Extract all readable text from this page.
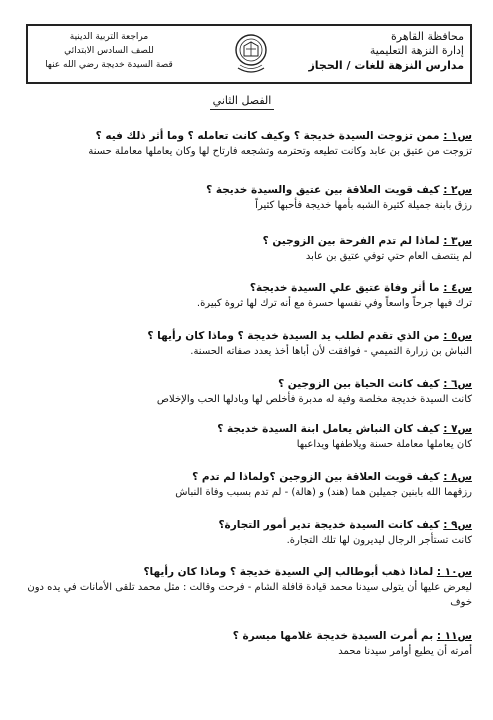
محافظة القاهرة
إدارة النزهة التعليمية
مدارس النزهة للغات / الحجاز
مراجعة التربية الدينية
للصف السادس الابتدائي
قصة السيدة خديجة رضي الله عنها
الفصل الثاني
س١ : ممن تزوجت السيدة خديجة ؟ وكيف كانت تعامله ؟ وما أثر ذلك فيه ؟
تزوجت من عتيق بن عابد وكانت تطيعه وتحترمه وتشجعه فارتاح لها وكان يعاملها معاملة حسنة
س٢ : كيف قويت العلاقة بين عتيق والسيدة خديجة ؟
رزق بابنة جميلة كثيرة الشبه بأمها خديجة فأحبها كثيراً
س٣ : لماذا لم تدم الفرحة بين الزوجين ؟
لم ينتصف العام حتي توفي عتيق بن عابد
س٤ : ما أثر وفاة عتيق علي السيدة خديجة؟
ترك فيها جرحاً واسعاً وفي نفسها حسرة مع أنه ترك لها ثروة كبيرة.
س٥ : من الذي تقدم لطلب يد السيدة خديجة ؟ وماذا كان رأيها ؟
النباش بن زرارة التميمي - فوافقت لأن أباها أخذ يعدد صفاته الحسنة.
س٦ : كيف كانت الحياة بين الزوجين ؟
كانت السيدة خديجة مخلصة وفية له مدبرة فأخلص لها وبادلها الحب والإخلاص
س٧ : كيف كان النباش يعامل ابنة السيدة خديجة ؟
كان يعاملها معاملة حسنة ويلاطفها ويداعبها
س٨ : كيف قويت العلاقة بين الزوجين ؟ولماذا لم تدم ؟
رزقهما الله بابنين جميلين هما (هند) و (هالة) - لم تدم بسبب وفاة النباش
س٩ : كيف كانت السيدة خديجة تدير أمور التجارة؟
كانت تستأجر الرجال ليديرون لها تلك التجارة.
س١٠ : لماذا ذهب أبوطالب إلي السيدة خديجة ؟ وماذا كان رأيها؟
ليعرض عليها أن يتولى سيدنا محمد قيادة قافلة الشام - فرحت وقالت : مثل محمد تلقى الأمانات في يده دون خوف
س١١ : بم أمرت السيدة خديجة غلامها ميسرة ؟
أمرته أن يطيع أوامر سيدنا محمد
